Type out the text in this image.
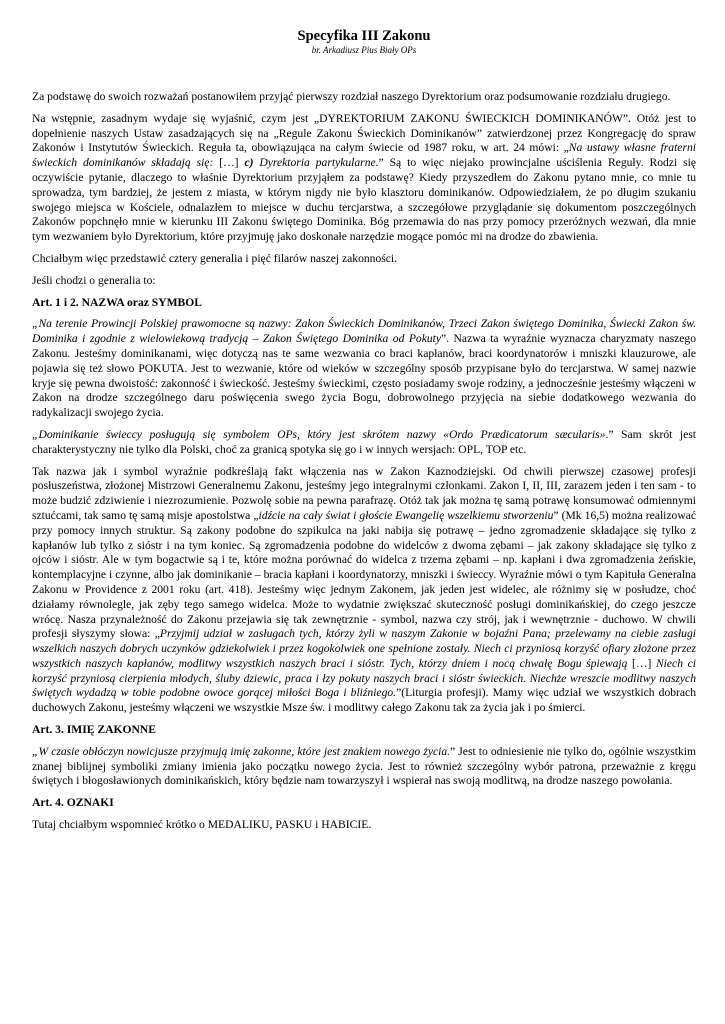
Specyfika III Zakonu
br. Arkadiusz Pius Biały OPs

Za podstawę do swoich rozważań postanowiłem przyjąć pierwszy rozdział naszego Dyrektorium oraz podsumowanie rozdziału drugiego.

Na wstępnie, zasadnym wydaje się wyjaśnić, czym jest „DYREKTORIUM ZAKONU ŚWIECKICH DOMINIKANÓW”. Otóż jest to dopełnienie naszych Ustaw zasadzających się na „Regule Zakonu Świeckich Dominikanów” zatwierdzonej przez Kongregację do spraw Zakonów i Instytutów Świeckich. Reguła ta, obowiązująca na całym świecie od 1987 roku, w art. 24 mówi: „Na ustawy własne fraterni świeckich dominikanów składają się: […] c) Dyrektoria partykularne.” Są to więc niejako prowincjalne uściślenia Reguły. Rodzi się oczywiście pytanie, dlaczego to właśnie Dyrektorium przyjąłem za podstawę? Kiedy przyszedłem do Zakonu pytano mnie, co mnie tu sprowadza, tym bardziej, że jestem z miasta, w którym nigdy nie było klasztoru dominikanów. Odpowiedziałem, że po długim szukaniu swojego miejsca w Kościele, odnalazłem to miejsce w duchu tercjarstwa, a szczegółowe przyglądanie się dokumentom poszczególnych Zakonów popchnęło mnie w kierunku III Zakonu świętego Dominika. Bóg przemawia do nas przy pomocy przeróżnych wezwań, dla mnie tym wezwaniem było Dyrektorium, które przyjmuję jako doskonałe narzędzie mogące pomóc mi na drodze do zbawienia.

Chciałbym więc przedstawić cztery generalia i pięć filarów naszej zakonności.

Jeśli chodzi o generalia to:

Art. 1 i 2. NAZWA oraz SYMBOL

„Na terenie Prowincji Polskiej prawomocne są nazwy: Zakon Świeckich Dominikanów, Trzeci Zakon świętego Dominika, Świecki Zakon św. Dominika i zgodnie z wielowiekową tradycją – Zakon Świętego Dominika od Pokuty”. Nazwa ta wyraźnie wyznacza charyzmaty naszego Zakonu. Jesteśmy dominikanami, więc dotyczą nas te same wezwania co braci kapłanów, braci koordynatorów i mniszki klauzurowe, ale pojawia się też słowo POKUTA. Jest to wezwanie, które od wieków w szczególny sposób przypisane było do tercjarstwa. W samej nazwie kryje się pewna dwoistość: zakonność i świeckość. Jesteśmy świeckimi, często posiadamy swoje rodziny, a jednocześnie jesteśmy włączeni w Zakon na drodze szczególnego daru poświęcenia swego życia Bogu, dobrowolnego przyjęcia na siebie dodatkowego wezwania do radykalizacji swojego życia.

„Dominikanie świeccy posługują się symbolem OPs, który jest skrótem nazwy «Ordo Prædicatorum sæcularis».” Sam skrót jest charakterystyczny nie tylko dla Polski, choć za granicą spotyka się go i w innych wersjach: OPL, TOP etc.

Tak nazwa jak i symbol wyraźnie podkreślają fakt włączenia nas w Zakon Kaznodziejski. Od chwili pierwszej czasowej profesji posłuszeństwa, złożonej Mistrzowi Generalnemu Zakonu, jesteśmy jego integralnymi członkami. Zakon I, II, III, zarazem jeden i ten sam - to może budzić zdziwienie i niezrozumienie. Pozwolę sobie na pewna parafrazę. Otóż tak jak można tę samą potrawę konsumować odmiennymi sztućcami, tak samo tę samą misje apostolstwa „idźcie na cały świat i głoście Ewangelię wszelkiemu stworzeniu” (Mk 16,5) można realizować przy pomocy innych struktur. Są zakony podobne do szpikulca na jaki nabija się potrawę – jedno zgromadzenie składające się tylko z kapłanów lub tylko z sióstr i na tym koniec. Są zgromadzenia podobne do widelców z dwoma zębami – jak zakony składające się tylko z ojców i sióstr. Ale w tym bogactwie są i te, które można porównać do widelca z trzema zębami – np. kapłani i dwa zgromadzenia żeńskie, kontemplacyjne i czynne, albo jak dominikanie – bracia kapłani i koordynatorzy, mniszki i świeccy. Wyraźnie mówi o tym Kapituła Generalna Zakonu w Providence z 2001 roku (art. 418). Jesteśmy więc jednym Zakonem, jak jeden jest widelec, ale różnimy się w posłudze, choć działamy równolegle, jak zęby tego samego widelca. Może to wydatnie zwiększać skuteczność posługi dominikańskiej, do czego jeszcze wrócę. Nasza przynależność do Zakonu przejawia się tak zewnętrznie - symbol, nazwa czy strój, jak i wewnętrznie - duchowo. W chwili profesji słyszymy słowa: „Przyjmij udział w zasługach tych, którzy żyli w naszym Zakonie w bojaźni Pana; przelewamy na ciebie zasługi wszelkich naszych dobrych uczynków gdziekolwiek i przez kogokolwiek one spełnione zostały. Niech ci przyniosą korzyść ofiary złożone przez wszystkich naszych kapłanów, modlitwy wszystkich naszych braci i sióstr. Tych, którzy dniem i nocą chwałę Bogu śpiewają […] Niech ci korzyść przyniosą cierpienia młodych, śluby dziewic, praca i łzy pokuty naszych braci i sióstr świeckich. Niechże wreszcie modlitwy naszych świętych wydadzą w tobie podobne owoce gorącej miłości Boga i bliźniego.”(Liturgia profesji). Mamy więc udział we wszystkich dobrach duchowych Zakonu, jesteśmy włączeni we wszystkie Msze św. i modlitwy całego Zakonu tak za życia jak i po śmierci.

Art. 3. IMIĘ ZAKONNE

„W czasie obłóczyn nowicjusze przyjmują imię zakonne, które jest znakiem nowego życia.” Jest to odniesienie nie tylko do, ogólnie wszystkim znanej biblijnej symboliki zmiany imienia jako początku nowego życia. Jest to również szczególny wybór patrona, przeważnie z kręgu świętych i błogosławionych dominikańskich, który będzie nam towarzyszył i wspierał nas swoją modlitwą, na drodze naszego powołania.

Art. 4. OZNAKI

Tutaj chciałbym wspomnieć krótko o MEDALIKU, PASKU i HABICIE.
